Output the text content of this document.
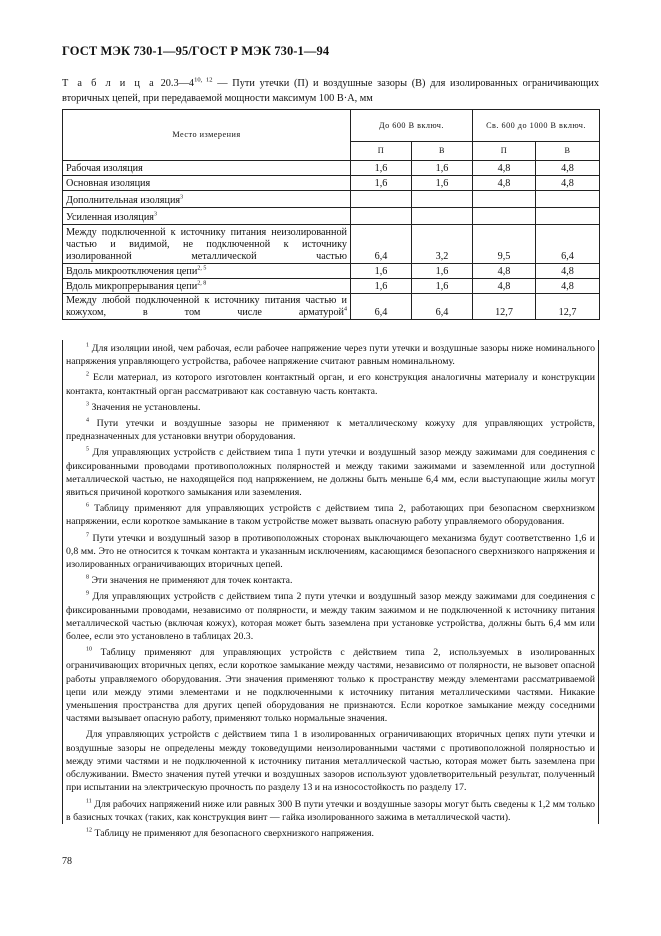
ГОСТ МЭК 730-1—95/ГОСТ Р МЭК 730-1—94
Т а б л и ц а 20.3—4$^{10, 12}$ — Пути утечки (П) и воздушные зазоры (В) для изолированных ограничивающих вторичных цепей, при передаваемой мощности максимум 100 В·А, мм
Место измерения	До 600 В включ.		Св. 600 до 1000 В включ.	
	П	В	П	В
Рабочая изоляция	1,6	1,6	4,8	4,8
Основная изоляция	1,6	1,6	4,8	4,8
Дополнительная изоляция$^3$				
Усиленная изоляция$^3$				
Между подключенной к источнику питания неизолированной частью и видимой, не подключенной к источнику изолированной металлической частью	6,4	3,2	9,5	6,4
Вдоль микроотключения цепи$^{2, 5}$	1,6	1,6	4,8	4,8
Вдоль микропрерывания цепи$^{2, 8}$	1,6	1,6	4,8	4,8
Между любой подключенной к источнику питания частью и кожухом, в том числе арматурой$^4$	6,4	6,4	12,7	12,7

$^1$ Для изоляции иной, чем рабочая, если рабочее напряжение через пути утечки и воздушные зазоры ниже номинального напряжения управляющего устройства, рабочее напряжение считают равным номинальному.

$^2$ Если материал, из которого изготовлен контактный орган, и его конструкция аналогичны материалу и конструкции контакта, контактный орган рассматривают как составную часть контакта.

$^3$ Значения не установлены.

$^4$ Пути утечки и воздушные зазоры не применяют к металлическому кожуху для управляющих устройств, предназначенных для установки внутри оборудования.

$^5$ Для управляющих устройств с действием типа 1 пути утечки и воздушный зазор между зажимами для соединения с фиксированными проводами противоположных полярностей и между такими зажимами и заземленной или доступной металлической частью, не находящейся под напряжением, не должны быть меньше 6,4 мм, если выступающие жилы могут явиться причиной короткого замыкания или заземления.

$^6$ Таблицу применяют для управляющих устройств с действием типа 2, работающих при безопасном сверхнизком напряжении, если короткое замыкание в таком устройстве может вызвать опасную работу управляемого оборудования.

$^7$ Пути утечки и воздушный зазор в противоположных сторонах выключающего механизма будут соответственно 1,6 и 0,8 мм. Это не относится к точкам контакта и указанным исключениям, касающимся безопасного сверхнизкого напряжения и изолированных ограничивающих вторичных цепей.

$^8$ Эти значения не применяют для точек контакта.

$^9$ Для управляющих устройств с действием типа 2 пути утечки и воздушный зазор между зажимами для соединения с фиксированными проводами, независимо от полярности, и между таким зажимом и не подключенной к источнику питания металлической частью (включая кожух), которая может быть заземлена при установке устройства, должны быть 6,4 мм или более, если это установлено в таблицах 20.3.

$^{10}$ Таблицу применяют для управляющих устройств с действием типа 2, используемых в изолированных ограничивающих вторичных цепях, если короткое замыкание между частями, независимо от полярности, не вызовет опасной работы управляемого оборудования. Эти значения применяют только к пространству между элементами рассматриваемой цепи или между этими элементами и не подключенными к источнику питания металлическими частями. Никакие уменьшения пространства для других цепей оборудования не признаются. Если короткое замыкание между соседними частями вызывает опасную работу, применяют только нормальные значения.

Для управляющих устройств с действием типа 1 в изолированных ограничивающих вторичных цепях пути утечки и воздушные зазоры не определены между токоведущими неизолированными частями с противоположной полярностью и между этими частями и не подключенной к источнику питания металлической частью, которая может быть заземлена при обслуживании. Вместо значения путей утечки и воздушных зазоров используют удовлетворительный результат, полученный при испытании на электрическую прочность по разделу 13 и на износостойкость по разделу 17.

$^{11}$ Для рабочих напряжений ниже или равных 300 В пути утечки и воздушные зазоры могут быть сведены к 1,2 мм только в базисных точках (таких, как конструкция винт — гайка изолированного зажима в металлической части).

$^{12}$ Таблицу не применяют для безопасного сверхнизкого напряжения.

78
